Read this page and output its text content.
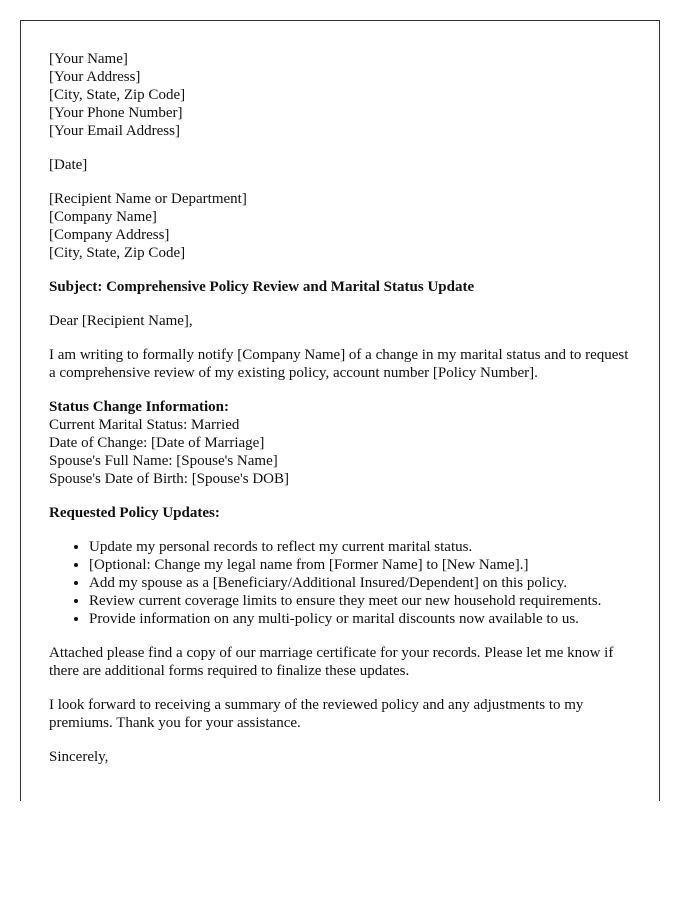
[Your Name]
[Your Address]
[City, State, Zip Code]
[Your Phone Number]
[Your Email Address]

[Date]

[Recipient Name or Department]
[Company Name]
[Company Address]
[City, State, Zip Code]

Subject: Comprehensive Policy Review and Marital Status Update

Dear [Recipient Name],

I am writing to formally notify [Company Name] of a change in my marital status and to request a comprehensive review of my existing policy, account number [Policy Number].

Status Change Information:
Current Marital Status: Married
Date of Change: [Date of Marriage]
Spouse's Full Name: [Spouse's Name]
Spouse's Date of Birth: [Spouse's DOB]

Requested Policy Updates:

• Update my personal records to reflect my current marital status.
• [Optional: Change my legal name from [Former Name] to [New Name].]
• Add my spouse as a [Beneficiary/Additional Insured/Dependent] on this policy.
• Review current coverage limits to ensure they meet our new household requirements.
• Provide information on any multi-policy or marital discounts now available to us.

Attached please find a copy of our marriage certificate for your records. Please let me know if there are additional forms required to finalize these updates.

I look forward to receiving a summary of the reviewed policy and any adjustments to my premiums. Thank you for your assistance.

Sincerely,
